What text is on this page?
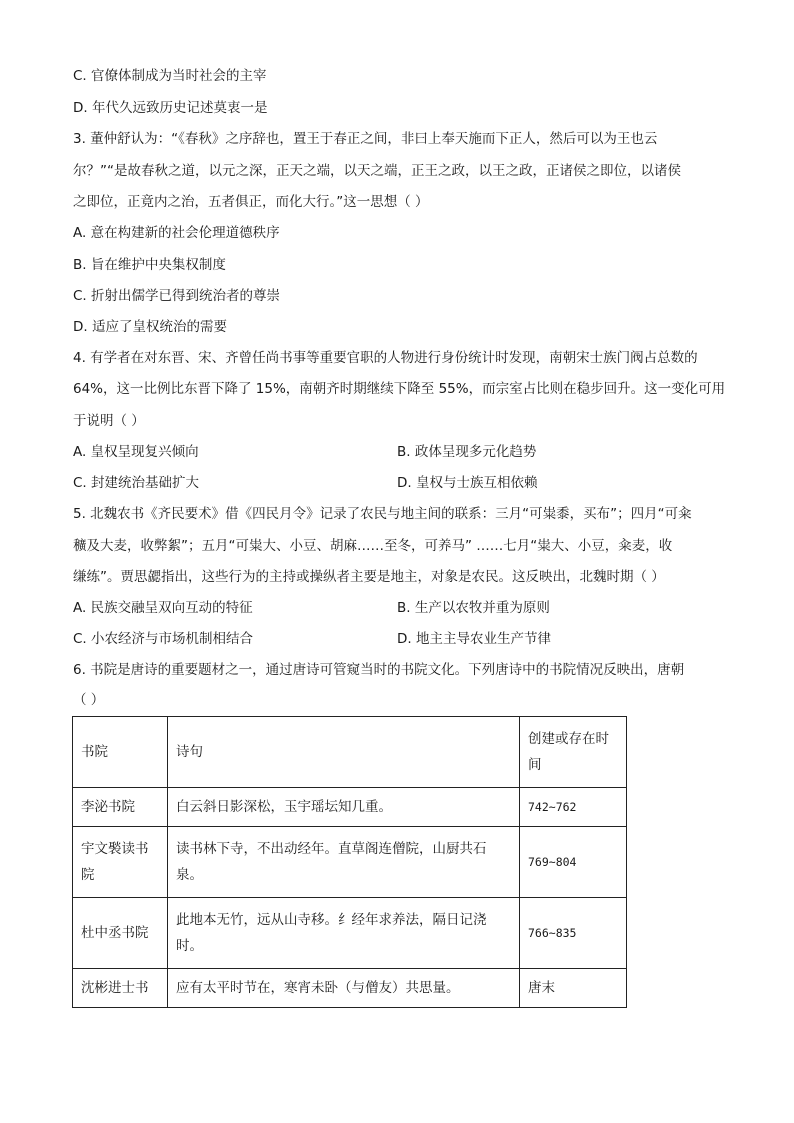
C. 官僚体制成为当时社会的主宰
D. 年代久远致历史记述莫衷一是
3. 董仲舒认为：“《春秋》之序辞也，置王于春正之间，非曰上奉天施而下正人，然后可以为王也云
尔？”“是故春秋之道，以元之深，正天之端，以天之端，正王之政，以王之政，正诸侯之即位，以诸侯
之即位，正竟内之治，五者俱正，而化大行。”这一思想（ ）
A. 意在构建新的社会伦理道德秩序
B. 旨在维护中央集权制度
C. 折射出儒学已得到统治者的尊崇
D. 适应了皇权统治的需要
4. 有学者在对东晋、宋、齐曾任尚书事等重要官职的人物进行身份统计时发现，南朝宋士族门阀占总数的
64%，这一比例比东晋下降了 15%，南朝齐时期继续下降至 55%，而宗室占比则在稳步回升。这一变化可用
于说明（ ）
A. 皇权呈现复兴倾向	B. 政体呈现多元化趋势
C. 封建统治基础扩大	D. 皇权与士族互相依赖
5. 北魏农书《齐民要术》借《四民月令》记录了农民与地主间的联系：三月“可粜黍，买布”；四月“可籴
穬及大麦，收弊絮”；五月“可粜大、小豆、胡麻……至冬，可养马” ……七月“粜大、小豆，籴麦，收
缣练”。贾思勰指出，这些行为的主持或操纵者主要是地主，对象是农民。这反映出，北魏时期（ ）
A. 民族交融呈双向互动的特征	B. 生产以农牧并重为原则
C. 小农经济与市场机制相结合	D. 地主主导农业生产节律
6. 书院是唐诗的重要题材之一，通过唐诗可管窥当时的书院文化。下列唐诗中的书院情况反映出，唐朝
（ ）
书院	诗句	创建或存在时间
李泌书院	白云斜日影深松，玉宇瑶坛知几重。	742~762
宇文褧读书院	读书林下寺，不出动经年。直草阁连僧院，山厨共石泉。	769~804
杜中丞书院	此地本无竹，远从山寺移。纟经年求养法，隔日记浇时。	766~835
沈彬进士书	应有太平时节在，寒宵未卧（与僧友）共思量。	唐末
